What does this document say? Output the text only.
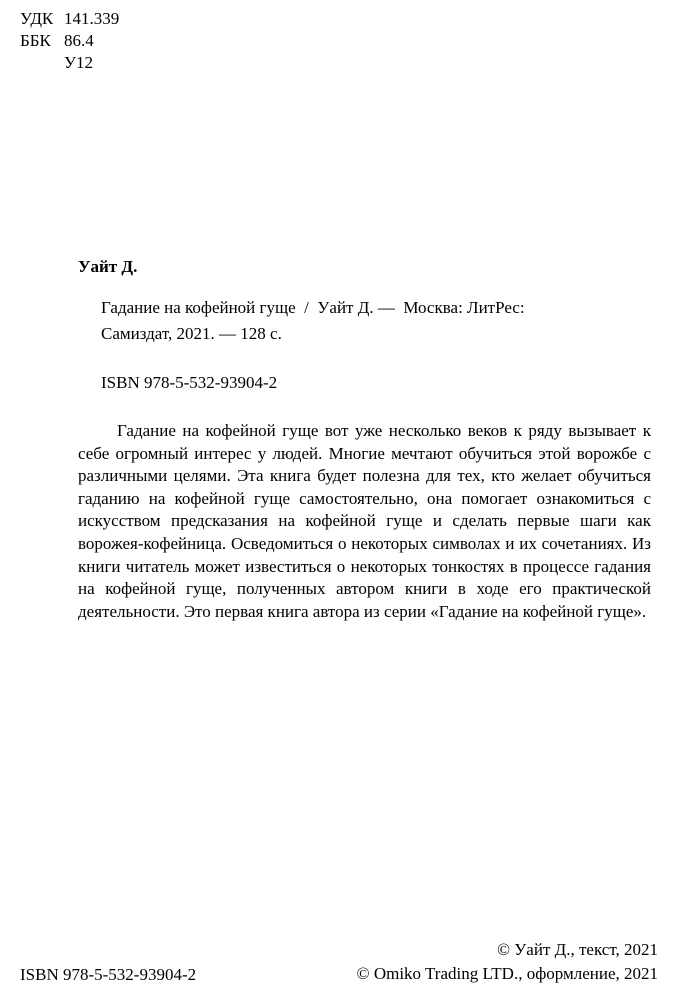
УДК 141.339
ББК 86.4
У12
Уайт Д.
Гадание на кофейной гуще  /  Уайт Д. —  Москва: ЛитРес:
Самиздат, 2021. — 128 с.
ISBN 978-5-532-93904-2

Гадание на кофейной гуще вот уже несколько веков к ряду вызывает к себе огромный интерес у людей. Многие мечтают обучиться этой ворожбе с различными целями. Эта книга будет полезна для тех, кто желает обучиться гаданию на кофейной гуще самостоятельно, она помогает ознакомиться с искусством предсказания на кофейной гуще и сделать первые шаги как ворожея-кофейница. Осведомиться о некоторых символах и их сочетаниях. Из книги читатель может известиться о некоторых тонкостях в процессе гадания на кофейной гуще, полученных автором книги в ходе его практической деятельности. Это первая книга автора из серии «Гадание на кофейной гуще».

© Уайт Д., текст, 2021
© Omiko Trading LTD., оформление, 2021
ISBN 978-5-532-93904-2
